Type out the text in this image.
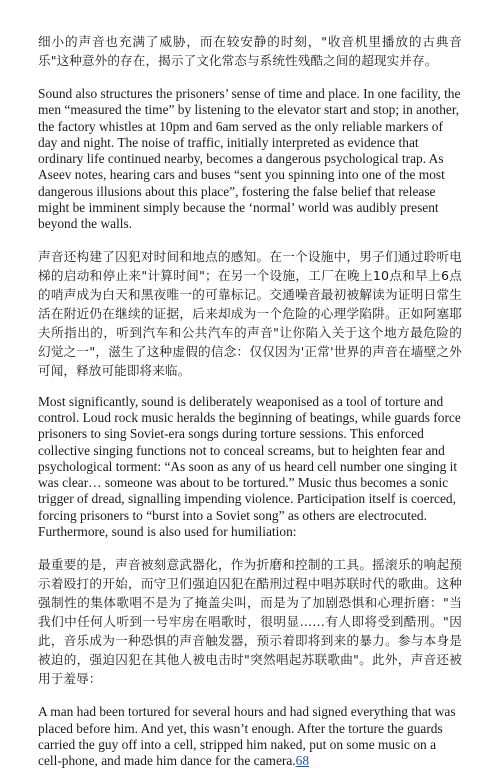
细小的声音也充满了威胁，而在较安静的时刻，"收音机里播放的古典音乐"这种意外的存在，揭示了文化常态与系统性残酷之间的超现实并存。

Sound also structures the prisoners’ sense of time and place. In one facility, the men “measured the time” by listening to the elevator start and stop; in another, the factory whistles at 10pm and 6am served as the only reliable markers of day and night. The noise of traffic, initially interpreted as evidence that ordinary life continued nearby, becomes a dangerous psychological trap. As Aseev notes, hearing cars and buses “sent you spinning into one of the most dangerous illusions about this place”, fostering the false belief that release might be imminent simply because the ‘normal’ world was audibly present beyond the walls.

声音还构建了囚犯对时间和地点的感知。在一个设施中，男子们通过聆听电梯的启动和停止来"计算时间"；在另一个设施，工厂在晚上10点和早上6点的哨声成为白天和黑夜唯一的可靠标记。交通噪音最初被解读为证明日常生活在附近仍在继续的证据，后来却成为一个危险的心理学陷阱。正如阿塞耶夫所指出的，听到汽车和公共汽车的声音"让你陷入关于这个地方最危险的幻觉之一"，滋生了这种虚假的信念：仅仅因为'正常'世界的声音在墙壁之外可闻，释放可能即将来临。

Most significantly, sound is deliberately weaponised as a tool of torture and control. Loud rock music heralds the beginning of beatings, while guards force prisoners to sing Soviet-era songs during torture sessions. This enforced collective singing functions not to conceal screams, but to heighten fear and psychological torment: “As soon as any of us heard cell number one singing it was clear… someone was about to be tortured.” Music thus becomes a sonic trigger of dread, signalling impending violence. Participation itself is coerced, forcing prisoners to “burst into a Soviet song” as others are electrocuted. Furthermore, sound is also used for humiliation:

最重要的是，声音被刻意武器化，作为折磨和控制的工具。摇滚乐的响起预示着殴打的开始，而守卫们强迫囚犯在酷刑过程中唱苏联时代的歌曲。这种强制性的集体歌唱不是为了掩盖尖叫，而是为了加剧恐惧和心理折磨："当我们中任何人听到一号牢房在唱歌时，很明显……有人即将受到酷刑。"因此，音乐成为一种恐惧的声音触发器，预示着即将到来的暴力。参与本身是被迫的，强迫囚犯在其他人被电击时"突然唱起苏联歌曲"。此外，声音还被用于羞辱：

A man had been tortured for several hours and had signed everything that was placed before him. And yet, this wasn’t enough. After the torture the guards carried the guy off into a cell, stripped him naked, put on some music on a cell-phone, and made him dance for the camera.68
